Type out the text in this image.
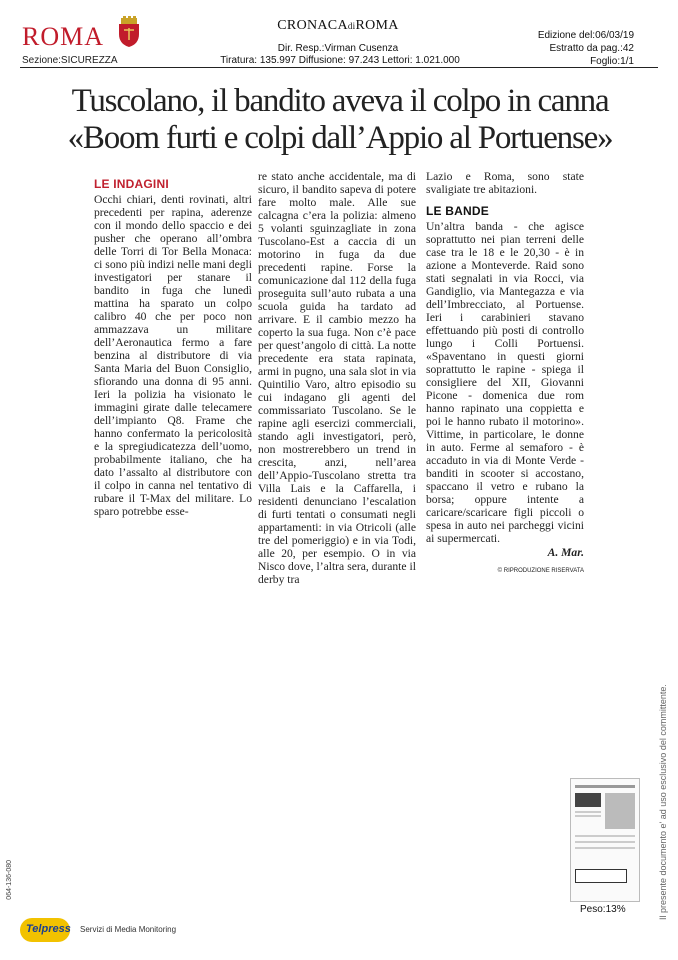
ROMA
Sezione:SICUREZZA
CRONACAdiROMA
Dir. Resp.:Virman Cusenza
Tiratura: 135.997 Diffusione: 97.243 Lettori: 1.021.000
Edizione del:06/03/19
Estratto da pag.:42
Foglio:1/1
Tuscolano, il bandito aveva il colpo in canna
«Boom furti e colpi dall’Appio al Portuense»
LE INDAGINI

Occhi chiari, denti rovinati, altri precedenti per rapina, aderenze con il mondo dello spaccio e dei pusher che operano all’ombra delle Torri di Tor Bella Monaca: ci sono più indizi nelle mani degli investigatori per stanare il bandito in fuga che lunedì mattina ha sparato un colpo calibro 40 che per poco non ammazzava un militare dell’Aeronautica fermo a fare benzina al distributore di via Santa Maria del Buon Consiglio, sfiorando una donna di 95 anni. Ieri la polizia ha visionato le immagini girate dalle telecamere dell’impianto Q8. Frame che hanno confermato la pericolosità e la spregiudicatezza dell’uomo, probabilmente italiano, che ha dato l’assalto al distributore con il colpo in canna nel tentativo di rubare il T-Max del militare. Lo sparo potrebbe esse-

re stato anche accidentale, ma di sicuro, il bandito sapeva di potere fare molto male. Alle sue calcagna c’era la polizia: almeno 5 volanti sguinzagliate in zona Tuscolano-Est a caccia di un motorino in fuga da due precedenti rapine. Forse la comunicazione dal 112 della fuga proseguita sull’auto rubata a una scuola guida ha tardato ad arrivare. E il cambio mezzo ha coperto la sua fuga. Non c’è pace per quest’angolo di città. La notte precedente era stata rapinata, armi in pugno, una sala slot in via Quintilio Varo, altro episodio su cui indagano gli agenti del commissariato Tuscolano. Se le rapine agli esercizi commerciali, stando agli investigatori, però, non mostrerebbero un trend in crescita, anzi, nell’area dell’Appio-Tuscolano stretta tra Villa Lais e la Caffarella, i residenti denunciano l’escalation di furti tentati o consumati negli appartamenti: in via Otricoli (alle tre del pomeriggio) e in via Todi, alle 20, per esempio. O in via Nisco dove, l’altra sera, durante il derby tra

Lazio e Roma, sono state svaligiate tre abitazioni.

LE BANDE

Un’altra banda - che agisce soprattutto nei pian terreni delle case tra le 18 e le 20,30 - è in azione a Monteverde. Raid sono stati segnalati in via Rocci, via Gandiglio, via Mantegazza e via dell’Imbrecciato, al Portuense. Ieri i carabinieri stavano effettuando più posti di controllo lungo i Colli Portuensi. «Spaventano in questi giorni soprattutto le rapine - spiega il consigliere del XII, Giovanni Picone - domenica due rom hanno rapinato una coppietta e poi le hanno rubato il motorino». Vittime, in particolare, le donne in auto. Ferme al semaforo - è accaduto in via di Monte Verde - banditi in scooter si accostano, spaccano il vetro e rubano la borsa; oppure intente a caricare/scaricare figli piccoli o spesa in auto nei parcheggi vicini ai supermercati.

A. Mar.
© RIPRODUZIONE RISERVATA
Il presente documento e' ad uso esclusivo del committente.
064-136-080
Peso:13%
Telpress Servizi di Media Monitoring
